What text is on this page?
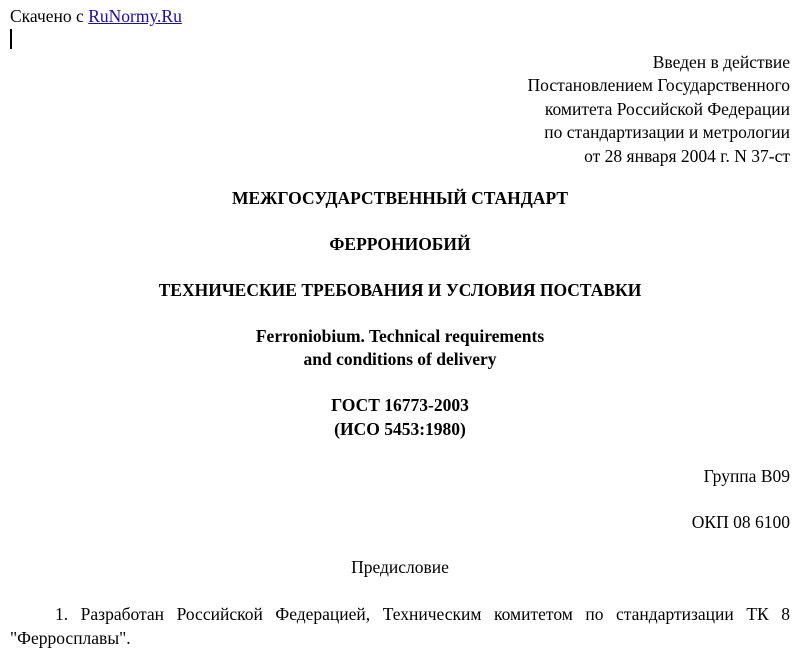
Скачено с RuNormy.Ru
Введен в действие
Постановлением Государственного
комитета Российской Федерации
по стандартизации и метрологии
от 28 января 2004 г. N 37-ст
МЕЖГОСУДАРСТВЕННЫЙ СТАНДАРТ
ФЕРРОНИОБИЙ
ТЕХНИЧЕСКИЕ ТРЕБОВАНИЯ И УСЛОВИЯ ПОСТАВКИ
Ferroniobium. Technical requirements
and conditions of delivery
ГОСТ 16773-2003
(ИСО 5453:1980)
Группа В09
ОКП 08 6100
Предисловие
1. Разработан Российской Федерацией, Техническим комитетом по стандартизации ТК 8 "Ферросплавы".
